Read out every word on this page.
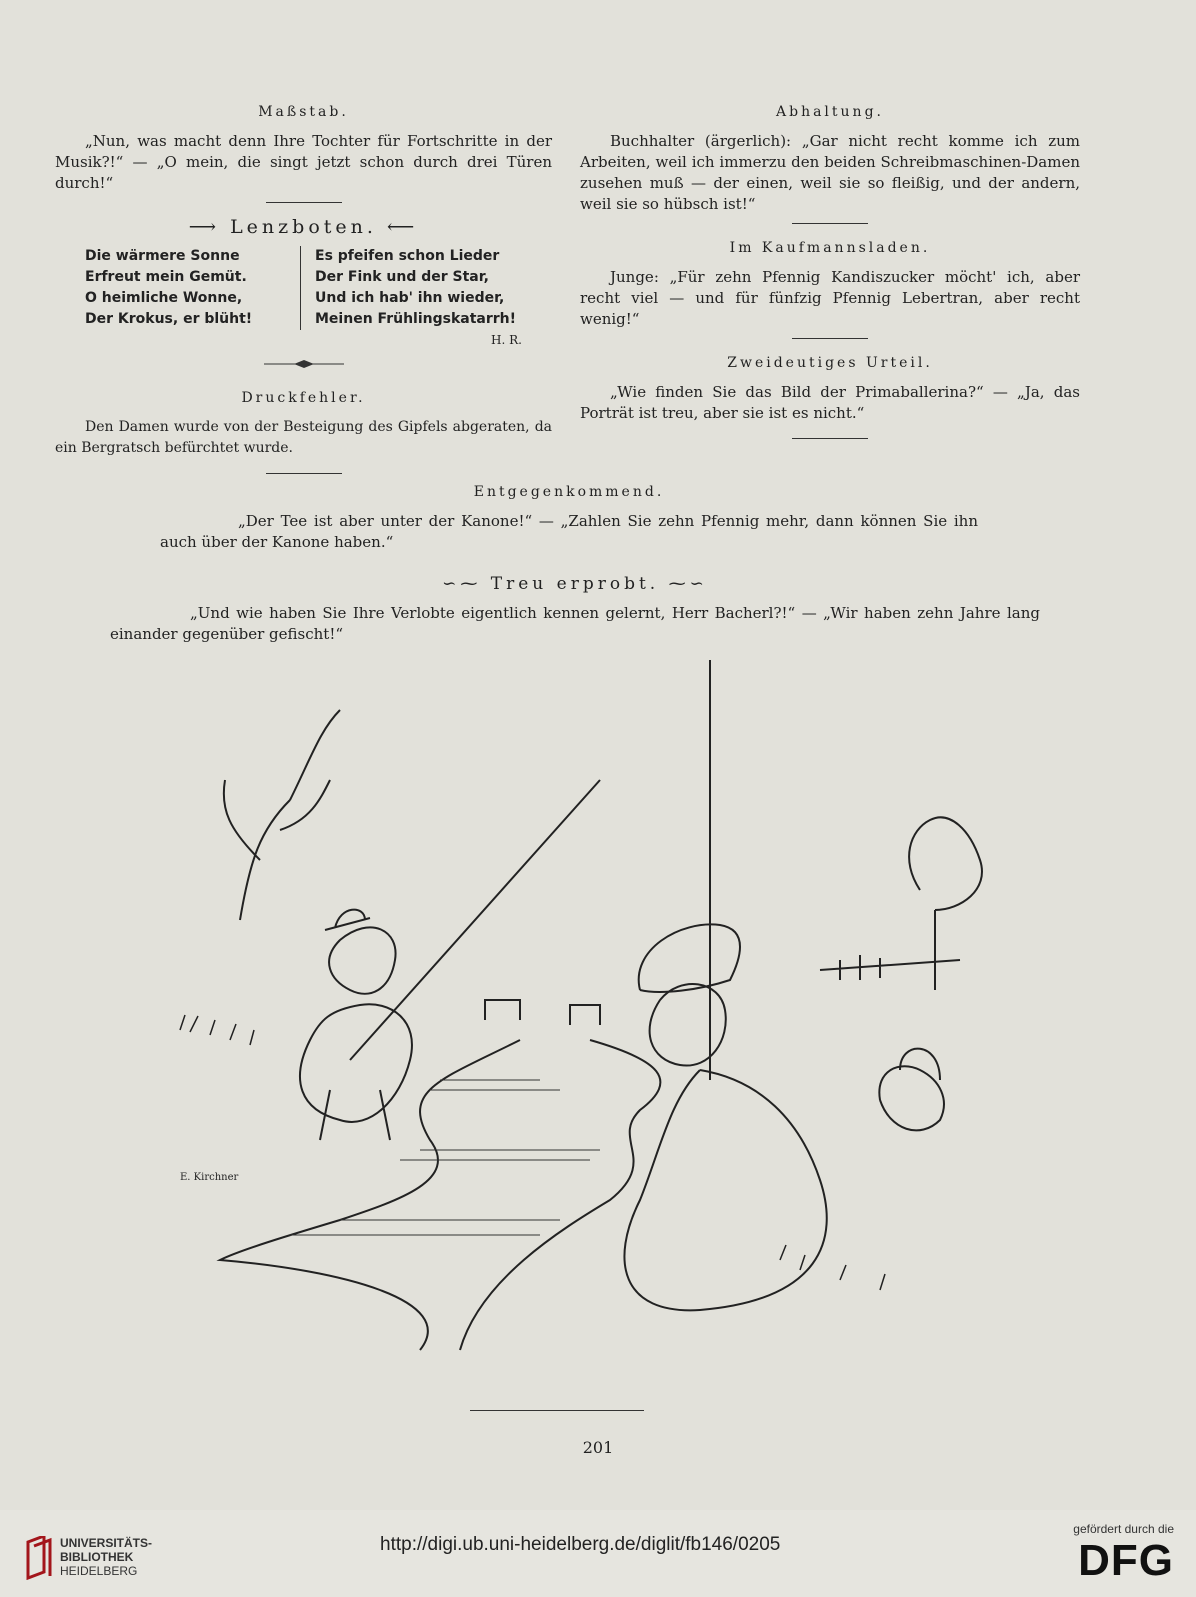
Maßstab.
„Nun, was macht denn Ihre Tochter für Fortschritte in der Musik?!“ — „O mein, die singt jetzt schon durch drei Türen durch!“
⟶ Lenzboten. ⟵
Die wärmere Sonne
Erfreut mein Gemüt.
O heimliche Wonne,
Der Krokus, er blüht!
Es pfeifen schon Lieder
Der Fink und der Star,
Und ich hab' ihn wieder,
Meinen Frühlingskatarrh!
H. R.
Druckfehler.
Den Damen wurde von der Besteigung des Gipfels abgeraten, da ein Bergratsch befürchtet wurde.
Abhaltung.
Buchhalter (ärgerlich): „Gar nicht recht komme ich zum Arbeiten, weil ich immerzu den beiden Schreibmaschinen-Damen zusehen muß — der einen, weil sie so fleißig, und der andern, weil sie so hübsch ist!“
Im Kaufmannsladen.
Junge: „Für zehn Pfennig Kandiszucker möcht' ich, aber recht viel — und für fünfzig Pfennig Lebertran, aber recht wenig!“
Zweideutiges Urteil.
„Wie finden Sie das Bild der Primaballerina?“ — „Ja, das Porträt ist treu, aber sie ist es nicht.“
Entgegenkommend.
„Der Tee ist aber unter der Kanone!“ — „Zahlen Sie zehn Pfennig mehr, dann können Sie ihn auch über der Kanone haben.“
∽⁓ Treu erprobt. ⁓∽
„Und wie haben Sie Ihre Verlobte eigentlich kennen gelernt, Herr Bacherl?!“ — „Wir haben zehn Jahre lang einander gegenüber gefischt!“
E. Kirchner
201
UNIVERSITÄTS-
BIBLIOTHEK
HEIDELBERG
http://digi.ub.uni-heidelberg.de/diglit/fb146/0205
gefördert durch die
DFG
